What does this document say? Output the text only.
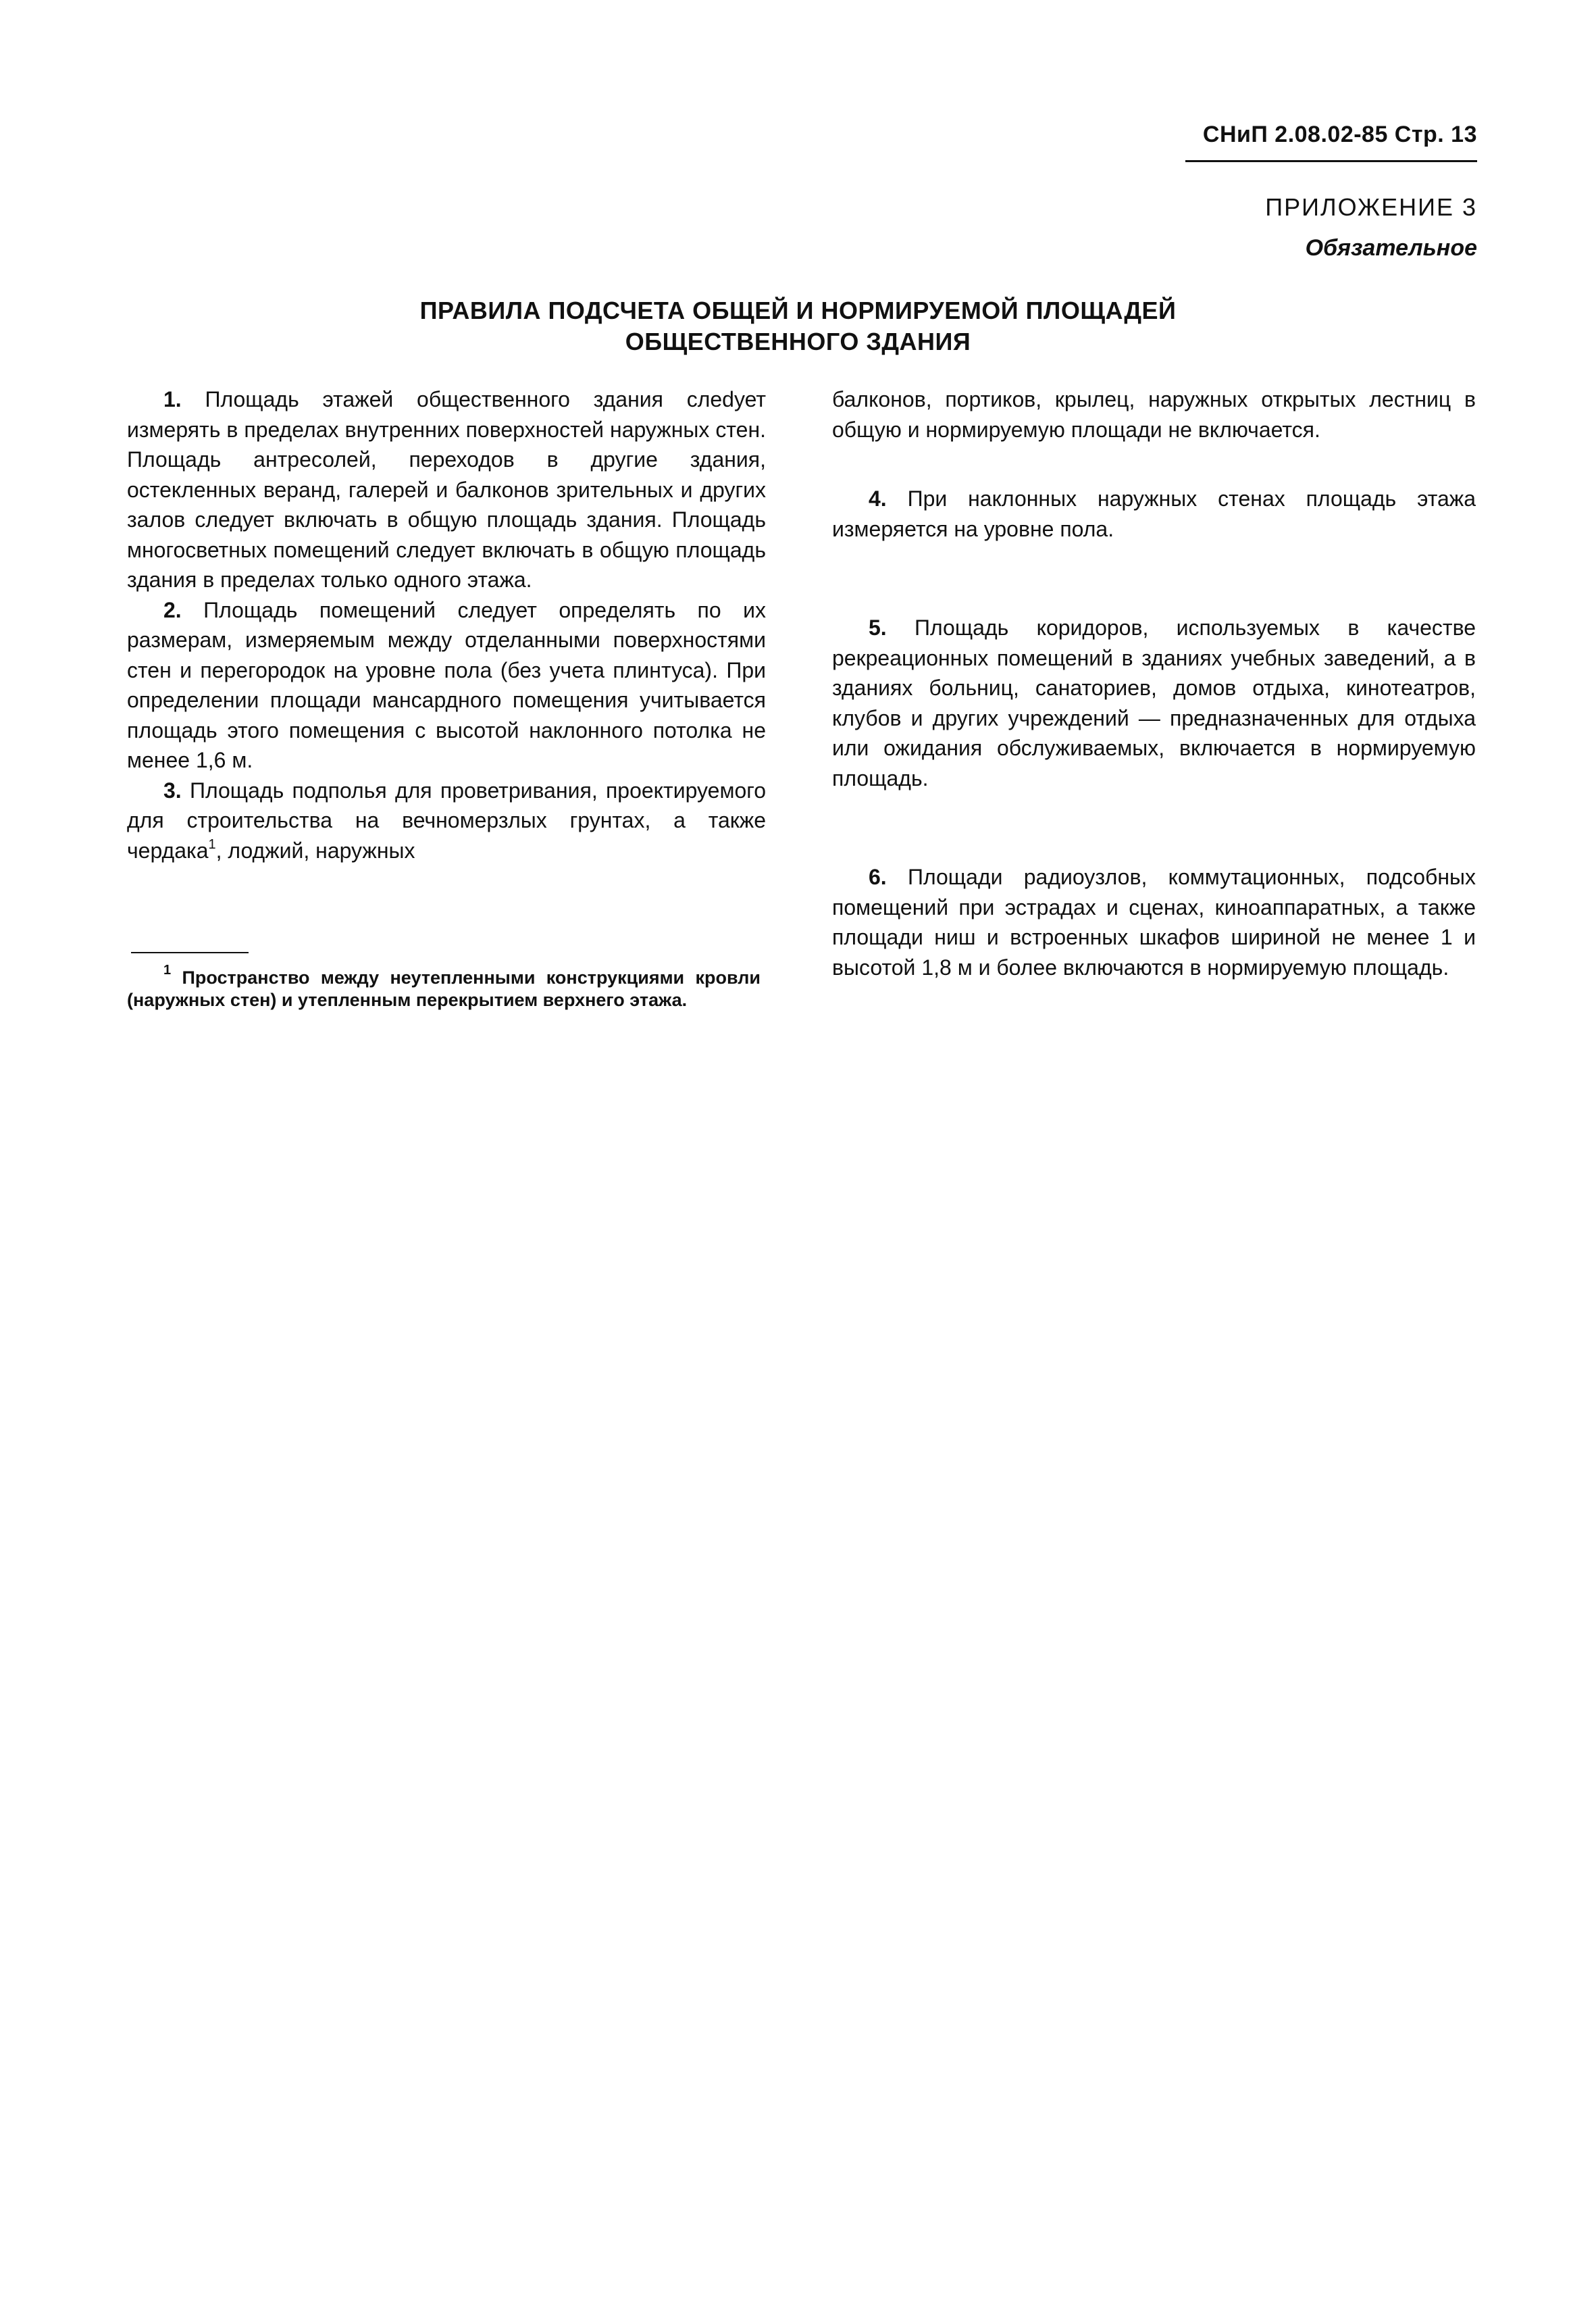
СНиП 2.08.02-85 Стр. 13
ПРИЛОЖЕНИЕ 3
Обязательное
ПРАВИЛА ПОДСЧЕТА ОБЩЕЙ И НОРМИРУЕМОЙ ПЛОЩАДЕЙ
ОБЩЕСТВЕННОГО ЗДАНИЯ

1. Площадь этажей общественного здания слеdует измерять в пределах внутренних поверхностей наружных стен. Площадь антресолей, переходов в другие здания, остекленных веранд, галерей и балконов зрительных и других залов следует включать в общую площадь здания. Площадь многосветных помещений следует включать в общую площадь здания в пределах только одного этажа.

2. Площадь помещений следует определять по их размерам, измеряемым между отделанными поверхностями стен и перегородок на уровне пола (без учета плинтуса). При определении площади мансардного помещения учитывается площадь этого помещения с высотой наклонного потолка не менее 1,6 м.

3. Площадь подполья для проветривания, проектируемого для строительства на вечномерзлых грунтах, а также чердака$^1$, лоджий, наружных

$^1$ Пространство между неутепленными конструкциями кровли (наружных стен) и утепленным перекрытием верхнего этажа.

балконов, портиков, крылец, наружных открытых лестниц в общую и нормируемую площади не включается.

4. При наклонных наружных стенах площадь этажа измеряется на уровне пола.

5. Площадь коридоров, используемых в качестве рекреационных помещений в зданиях учебных заведений, а в зданиях больниц, санаториев, домов отдыха, кинотеатров, клубов и других учреждений — предназначенных для отдыха или ожидания обслуживаемых, включается в нормируемую площадь.

6. Площади радиоузлов, коммутационных, подсобных помещений при эстрадах и сценах, киноаппаратных, а также площади ниш и встроенных шкафов шириной не менее 1 и высотой 1,8 м и более включаются в нормируемую площадь.
